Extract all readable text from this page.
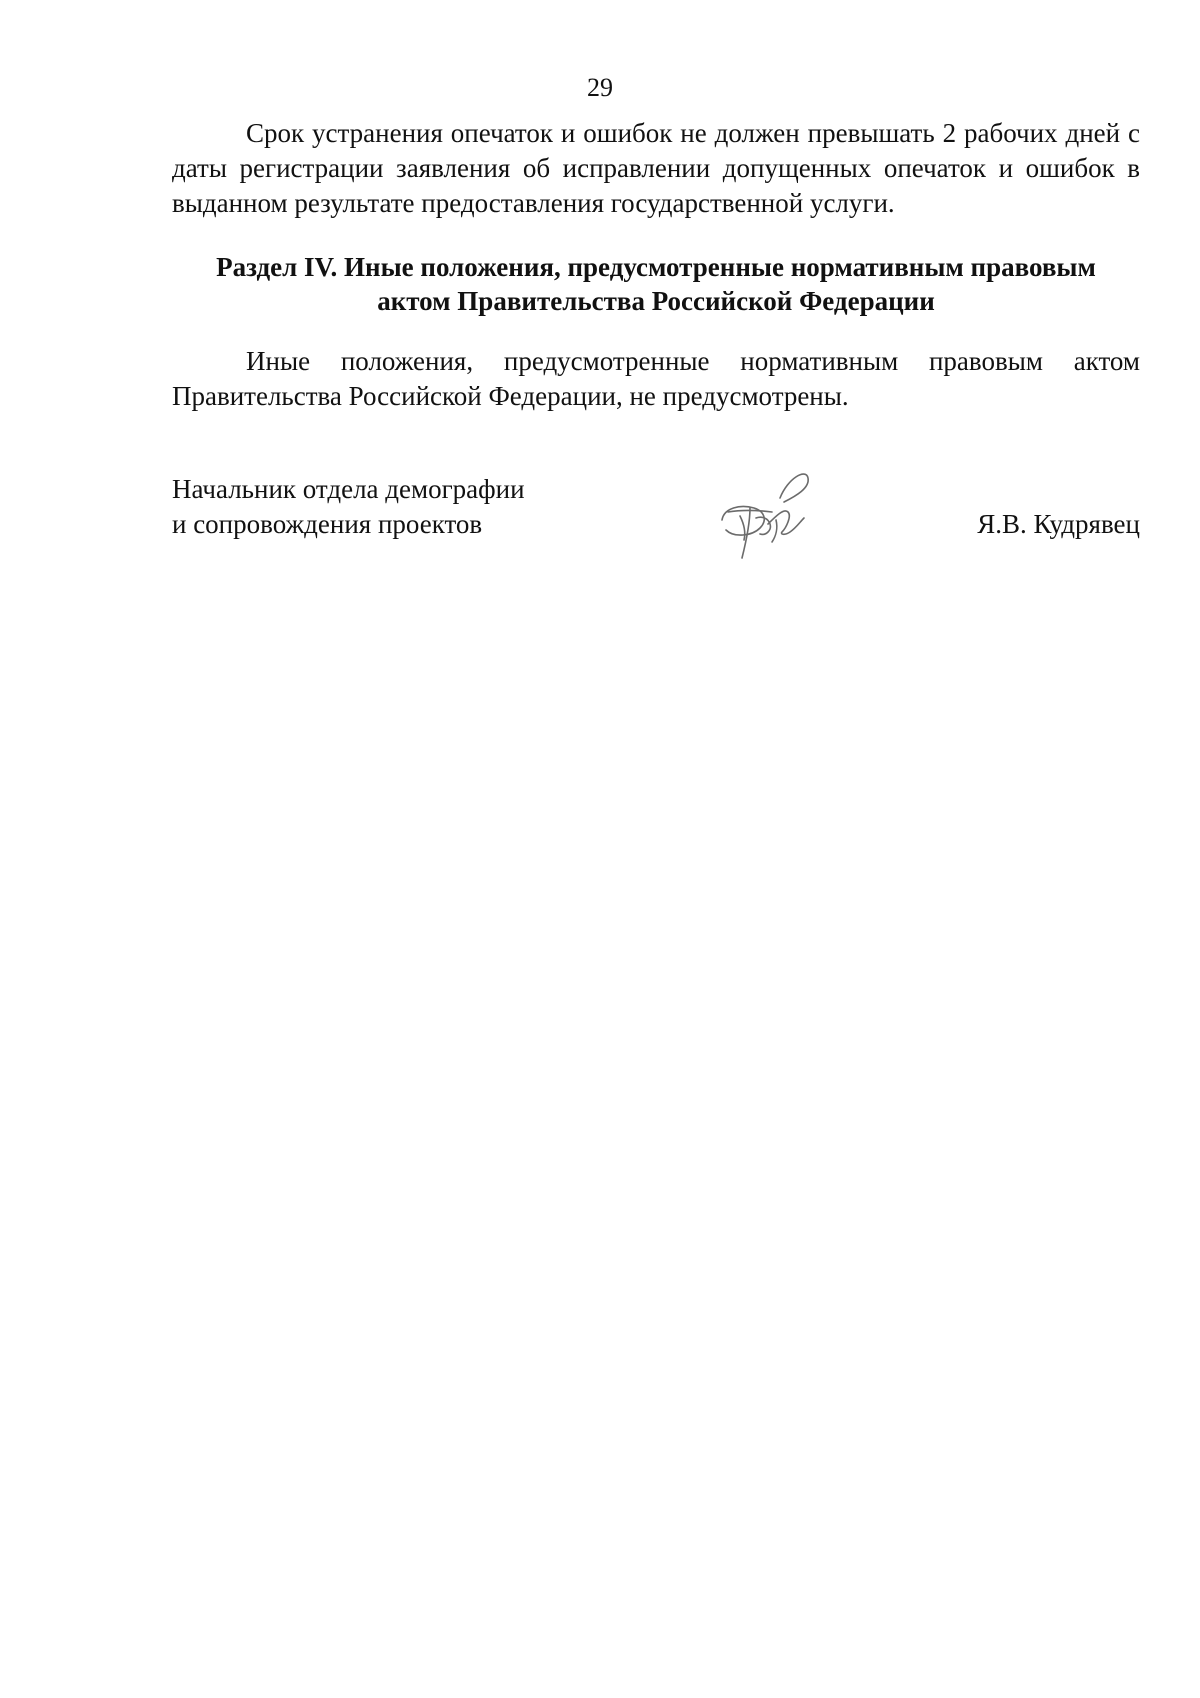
29

Срок устранения опечаток и ошибок не должен превышать 2 рабочих дней с даты регистрации заявления об исправлении допущенных опечаток и ошибок в выданном результате предоставления государственной услуги.

Раздел IV. Иные положения, предусмотренные нормативным правовым
актом Правительства Российской Федерации

Иные положения, предусмотренные нормативным правовым актом Правительства Российской Федерации, не предусмотрены.

Начальник отдела демографии
и сопровождения проектов	Я.В. Кудрявец
